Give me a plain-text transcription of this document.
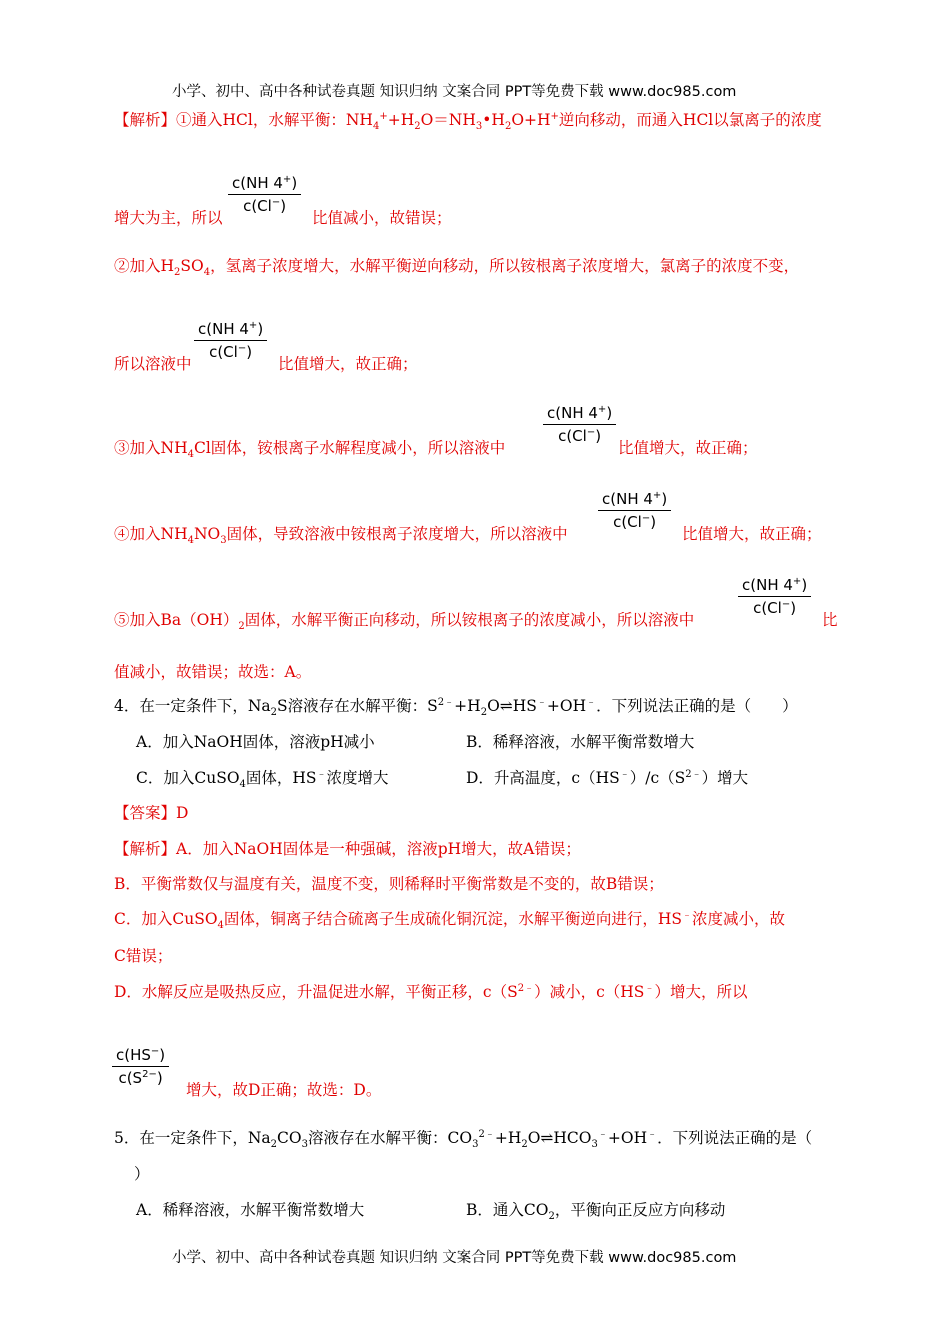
小学、初中、高中各种试卷真题 知识归纳 文案合同 PPT等免费下载 www.doc985.com
【解析】①通入HCl，水解平衡：$NH_4^++H_2O=NH_3•H_2O+H^+$逆向移动，而通入HCl以氯离子的浓度
$\frac{c(NH 4^+)}{c(Cl^-)}$
增大为主，所以	比值减小，故错误；
②加入$H_2SO_4$，氢离子浓度增大，水解平衡逆向移动，所以铵根离子浓度增大，氯离子的浓度不变，
$\frac{c(NH 4^+)}{c(Cl^-)}$
所以溶液中	比值增大，故正确；
$\frac{c(NH 4^+)}{c(Cl^-)}$
③加入$NH_4Cl$固体，铵根离子水解程度减小，所以溶液中	比值增大，故正确；
$\frac{c(NH 4^+)}{c(Cl^-)}$
④加入$NH_4NO_3$固体，导致溶液中铵根离子浓度增大，所以溶液中	比值增大，故正确；
$\frac{c(NH 4^+)}{c(Cl^-)}$
⑤加入$Ba(OH)_2$固体，水解平衡正向移动，所以铵根离子的浓度减小，所以溶液中	比
值减小，故错误；故选：A。
4．在一定条件下，$Na_2S$溶液存在水解平衡：$S^{2﹣}+H_2O\rightleftharpoons HS^﹣+OH^﹣$．下列说法正确的是（　　）
A．加入NaOH固体，溶液pH减小	B．稀释溶液，水解平衡常数增大
C．加入CuSO$_4$固体，HS﹣浓度增大	D．升高温度，$c(HS^﹣)/c(S^{2﹣})$增大
【答案】D
【解析】A．加入NaOH固体是一种强碱，溶液pH增大，故A错误；
B．平衡常数仅与温度有关，温度不变，则稀释时平衡常数是不变的，故B错误；
C．加入CuSO$_4$固体，铜离子结合硫离子生成硫化铜沉淀，水解平衡逆向进行，HS﹣浓度减小，故
C错误；
D．水解反应是吸热反应，升温促进水解，平衡正移，$c(S^{2﹣})$减小，c（HS﹣）增大，所以
$\frac{c(HS^-)}{c(S^{2-})}$
增大，故D正确；故选：D。
5．在一定条件下，$Na_2CO_3$溶液存在水解平衡：$CO_3^{2﹣}+H_2O\rightleftharpoons HCO_3^﹣+OH^﹣$．下列说法正确的是（
）
A．稀释溶液，水解平衡常数增大	B．通入$CO_2$，平衡向正反应方向移动
小学、初中、高中各种试卷真题 知识归纳 文案合同 PPT等免费下载 www.doc985.com
